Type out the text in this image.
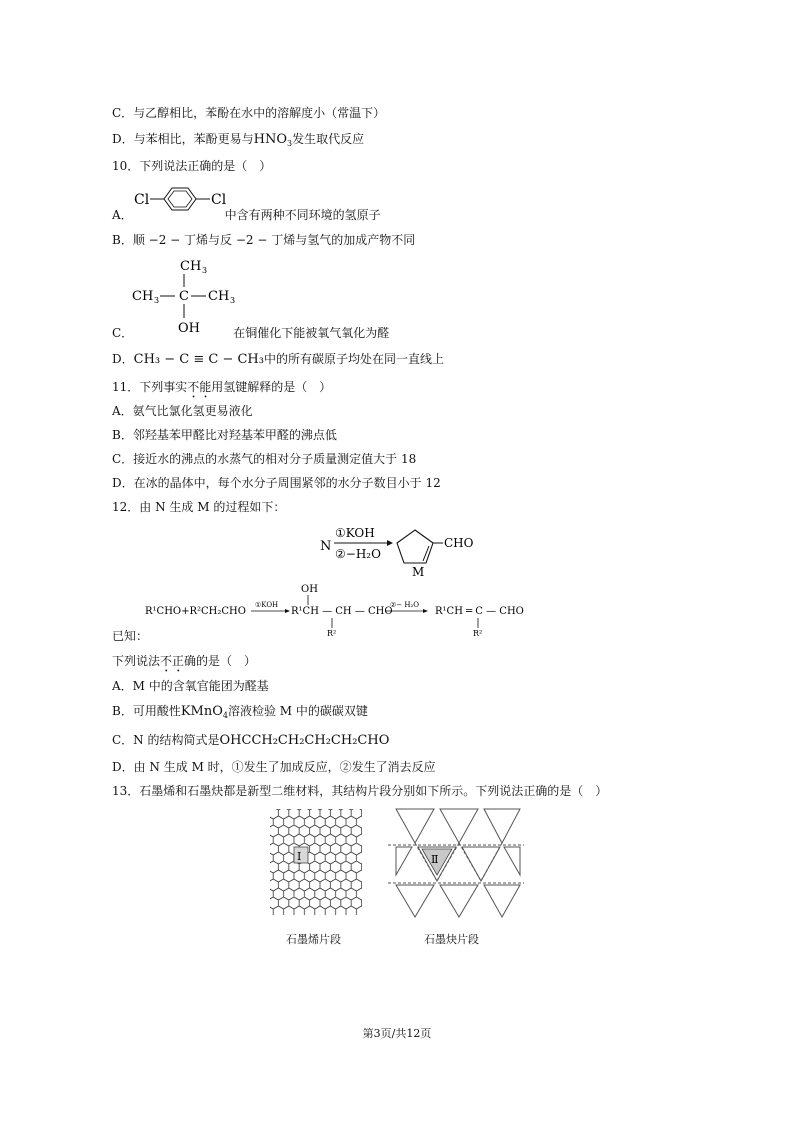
C．与乙醇相比，苯酚在水中的溶解度小（常温下）
D．与苯相比，苯酚更易与$HNO_3$发生取代反应
10．下列说法正确的是（　）
Cl	Cl
A．	中含有两种不同环境的氢原子
B．顺 −2 − 丁烯与反 −2 − 丁烯与氢气的加成产物不同
CH 3
CH 3 C CH 3
OH
C．	在铜催化下能被氧气氧化为醛
D．CH₃ − C ≡ C − CH₃中的所有碳原子均处在同一直线上
11．下列事实不能用氢键解释的是（　）
A．氨气比氯化氢更易液化
B．邻羟基苯甲醛比对羟基苯甲醛的沸点低
C．接近水的沸点的水蒸气的相对分子质量测定值大于 18
D．在冰的晶体中，每个水分子周围紧邻的水分子数目小于 12
12．由 N 生成 M 的过程如下：
N
①KOH
②−H₂O
CHO
M
R¹CHO+R²CH₂CHO
①KOH
OH
R¹CH — CH — CHO
R²
②− H₂O
R¹CH ═ C — CHO
R²
已知：
下列说法不正确的是（　）
A．M 中的含氧官能团为醛基
B．可用酸性KMnO$_4$溶液检验 M 中的碳碳双键
C．N 的结构简式是OHCCH₂CH₂CH₂CH₂CHO
D．由 N 生成 M 时，①发生了加成反应，②发生了消去反应
13．石墨烯和石墨炔都是新型二维材料，其结构片段分别如下所示。下列说法正确的是（　）
Ⅰ	Ⅱ
石墨烯片段	石墨炔片段
第3页/共12页
